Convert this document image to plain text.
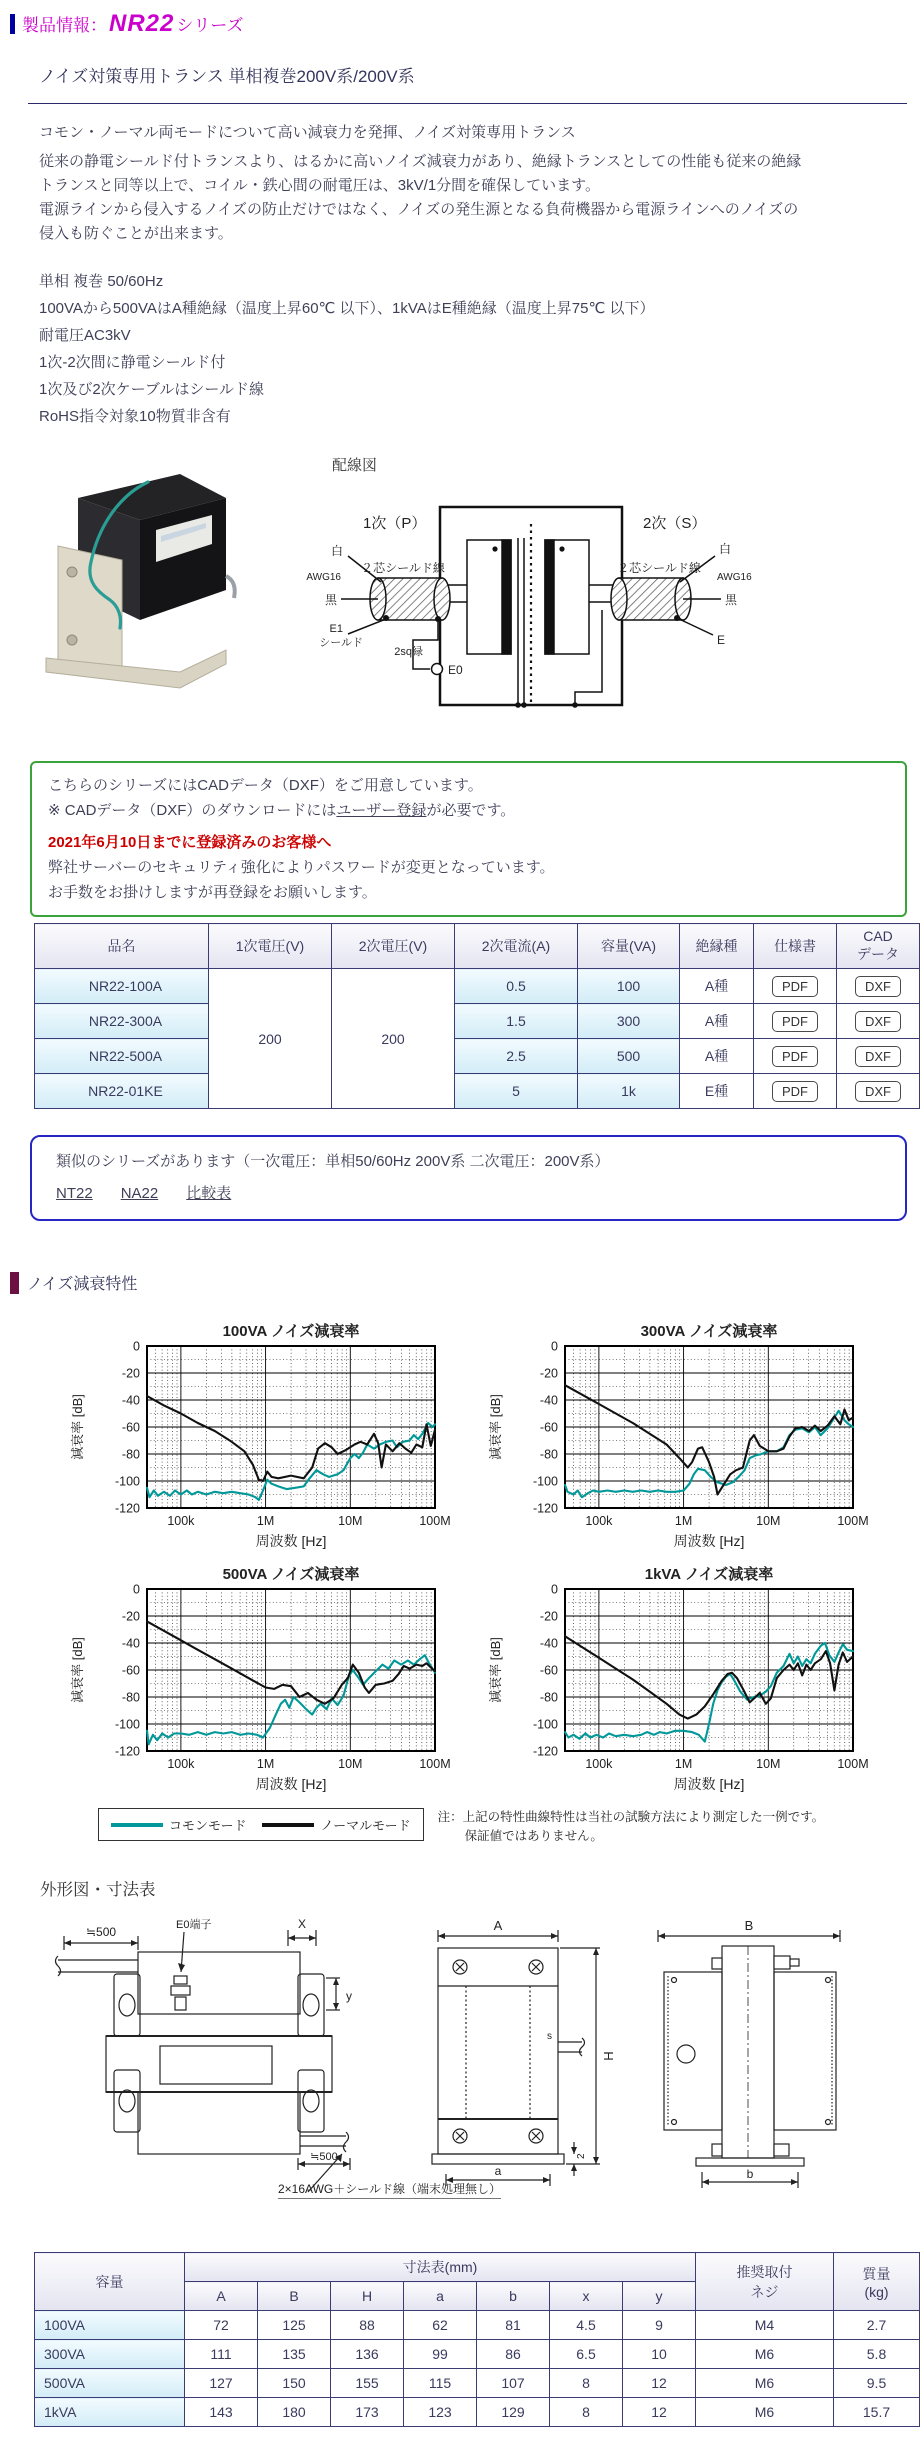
製品情報： NR22 シリーズ
ノイズ対策専用トランス 単相複巻200V系/200V系
コモン・ノーマル両モードについて高い減衰力を発揮、ノイズ対策専用トランス
従来の静電シールド付トランスより、はるかに高いノイズ減衰力があり、絶縁トランスとしての性能も従来の絶縁
トランスと同等以上で、コイル・鉄心間の耐電圧は、3kV/1分間を確保しています。
電源ラインから侵入するノイズの防止だけではなく、ノイズの発生源となる負荷機器から電源ラインへのノイズの
侵入も防ぐことが出来ます。
単相 複巻 50/60Hz
100VAから500VAはA種絶縁（温度上昇60℃ 以下）、1kVAはE種絶縁（温度上昇75℃ 以下）
耐電圧AC3kV
1次-2次間に静電シールド付
1次及び2次ケーブルはシールド線
RoHS指令対象10物質非含有
配線図
1次（P）	2次（S）
２芯シールド線	２芯シールド線
白
AWG16
黒
E1
シールド
2sq緑
E0
白
AWG16
黒
E
こちらのシリーズにはCADデータ（DXF）をご用意しています。
※ CADデータ（DXF）のダウンロードにはユーザー登録が必要です。
2021年6月10日までに登録済みのお客様へ
弊社サーバーのセキュリティ強化によりパスワードが変更となっています。
お手数をお掛けしますが再登録をお願いします。
品名	1次電圧(V)	2次電圧(V)	2次電流(A)	容量(VA)	絶縁種	仕様書	CAD
データ
NR22-100A	200	200	0.5	100	A種	PDF	DXF
NR22-300A			1.5	300	A種	PDF	DXF
NR22-500A			2.5	500	A種	PDF	DXF
NR22-01KE			5	1k	E種	PDF	DXF
類似のシリーズがあります（一次電圧：単相50/60Hz 200V系 二次電圧：200V系）
NT22 NA22 比較表
ノイズ減衰特性
100VA ノイズ減衰率
0
-20
-40
-60
-80
-100
-120
100k	1M	10M	100M
減衰率 [dB]
周波数 [Hz]
300VA ノイズ減衰率
0
-20
-40
-60
-80
-100
-120
100k	1M	10M	100M
減衰率 [dB]
周波数 [Hz]
500VA ノイズ減衰率
0
-20
-40
-60
-80
-100
-120
100k	1M	10M	100M
減衰率 [dB]
周波数 [Hz]
1kVA ノイズ減衰率
0
-20
-40
-60
-80
-100
-120
100k	1M	10M	100M
減衰率 [dB]
周波数 [Hz]
コモンモード	ノーマルモード
注：上記の特性曲線特性は当社の試験方法により測定した一例です。
保証値ではありません。
外形図・寸法表
≒500	E0端子	X
y
≒500
A
s
H
a
2
B
b
2×16AWG＋シールド線（端末処理無し）
容量	寸法表(mm)							推奨取付
ネジ	質量
(kg)
	A	B	H	a	b	x	y		
100VA	72	125	88	62	81	4.5	9	M4	2.7
300VA	111	135	136	99	86	6.5	10	M6	5.8
500VA	127	150	155	115	107	8	12	M6	9.5
1kVA	143	180	173	123	129	8	12	M6	15.7
